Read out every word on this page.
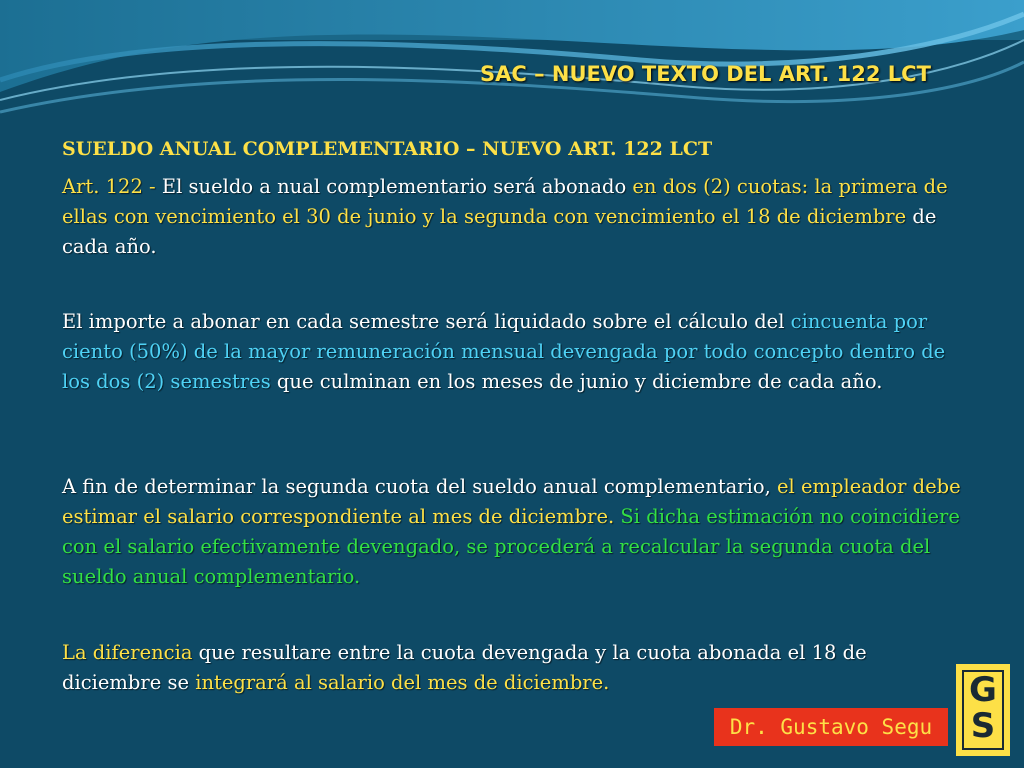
SAC – NUEVO TEXTO DEL ART. 122 LCT
SUELDO ANUAL COMPLEMENTARIO – NUEVO ART. 122 LCT
Art. 122 - El sueldo a nual complementario será abonado en dos (2) cuotas: la primera de ellas con vencimiento el 30 de junio y la segunda con vencimiento el 18 de diciembre de cada año.
El importe a abonar en cada semestre será liquidado sobre el cálculo del cincuenta por ciento (50%) de la mayor remuneración mensual devengada por todo concepto dentro de los dos (2) semestres que culminan en los meses de junio y diciembre de cada año.
A fin de determinar la segunda cuota del sueldo anual complementario, el empleador debe estimar el salario correspondiente al mes de diciembre. Si dicha estimación no coincidiere con el salario efectivamente devengado, se procederá a recalcular la segunda cuota del sueldo anual complementario.
La diferencia que resultare entre la cuota devengada y la cuota abonada el 18 de diciembre se integrará al salario del mes de diciembre.
Dr. Gustavo Segu
G
S
